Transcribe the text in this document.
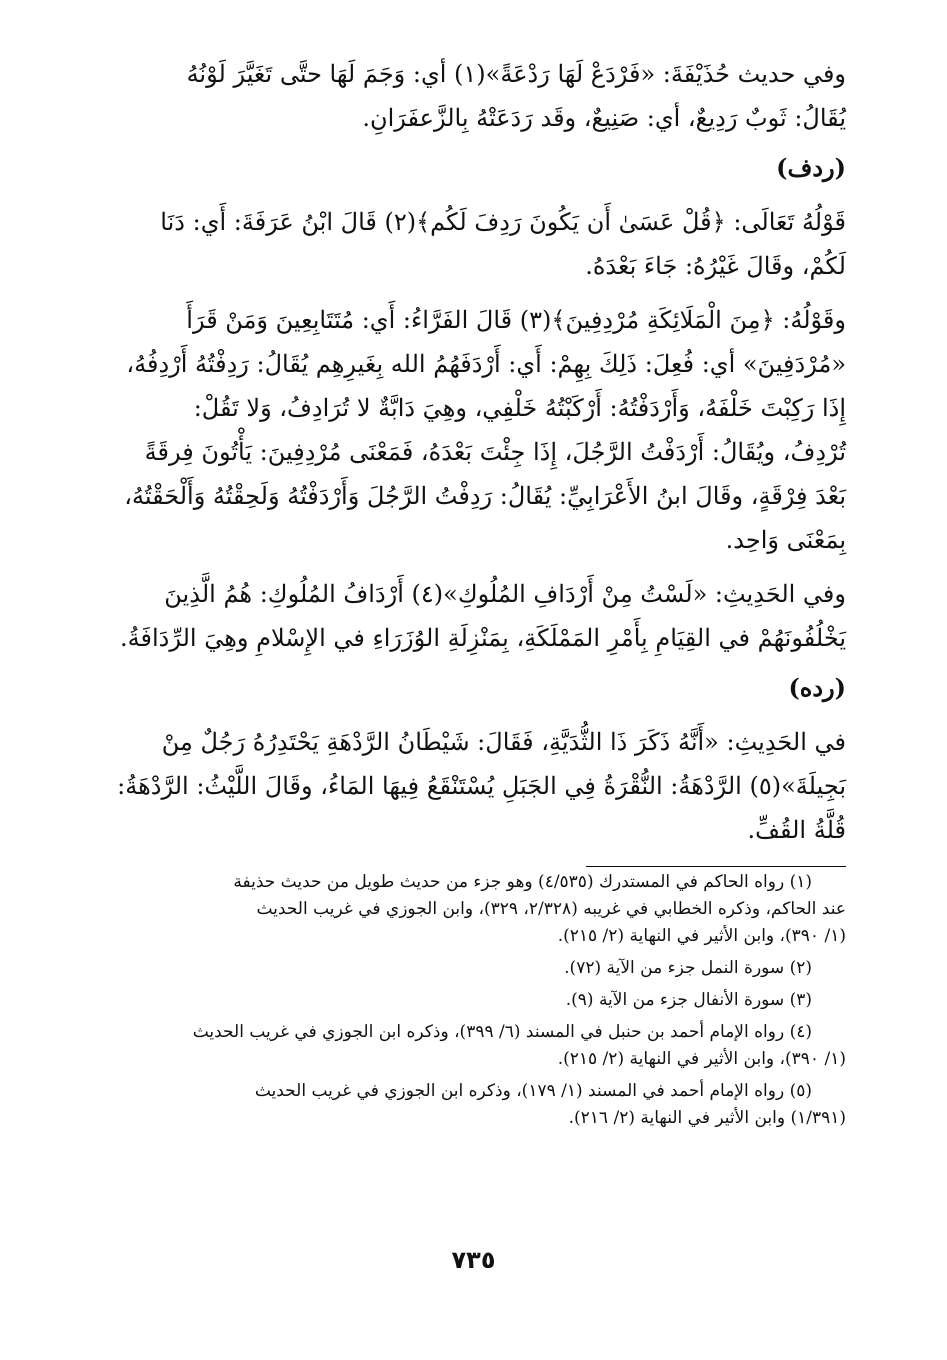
وفي حديث حُذَيْفَةَ: «فَرْدَعْ لَهَا رَدْعَةً»(١) أي: وَجَمَ لَهَا حتَّى تَغَيَّرَ لَوْنُهُ

يُقَالُ: ثَوبٌ رَدِيعٌ، أي: صَنِيعٌ، وقَد رَدَعَتْهُ بِالزَّعفَرَانِ.

(ردف)

قَوْلُهُ تَعَالَى: ﴿قُلْ عَسَىٰ أَن يَكُونَ رَدِفَ لَكُم﴾(٢) قَالَ ابْنُ عَرَفَةَ: أَي: دَنَا

لَكُمْ، وقَالَ غَيْرُهُ: جَاءَ بَعْدَهُ.

وقَوْلُهُ: ﴿مِنَ الْمَلَائِكَةِ مُرْدِفِينَ﴾(٣) قَالَ الفَرَّاءُ: أَي: مُتَتَابِعِينَ وَمَنْ قَرَأَ

«مُرْدَفِينَ» أي: فُعِلَ: ذَلِكَ بِهِمْ: أَي: أَرْدَفَهُمُ الله بِغَيرِهِم يُقَالُ: رَدِفْتُهُ أَرْدِفُهُ،

إِذَا رَكِبْتَ خَلْفَهُ، وَأَرْدَفْتُهُ: أَرْكَبْتُهُ خَلْفِي، وهِيَ دَابَّةٌ لا تُرَادِفُ، وَلا تَقُلْ:

تُرْدِفُ، ويُقَالُ: أَرْدَفْتُ الرَّجُلَ، إِذَا جِئْتَ بَعْدَهُ، فَمَعْنَى مُرْدِفِينَ: يَأْتُونَ فِرقَةً

بَعْدَ فِرْقَةٍ، وقَالَ ابنُ الأَعْرَابِيِّ: يُقَالُ: رَدِفْتُ الرَّجُلَ وَأَرْدَفْتُهُ وَلَحِقْتُهُ وَأَلْحَقْتُهُ،

بِمَعْنَى وَاحِد.

وفي الحَدِيثِ: «لَسْتُ مِنْ أَرْدَافِ المُلُوكِ»(٤) أَرْدَافُ المُلُوكِ: هُمُ الَّذِينَ

يَخْلُفُونَهُمْ في القِيَامِ بِأَمْرِ المَمْلَكَةِ، بِمَنْزِلَةِ الوُزَرَاءِ في الإِسْلامِ وهِيَ الرِّدَافَةُ.

(رده)

في الحَدِيثِ: «أَنَّهُ ذَكَرَ ذَا الثُّدَيَّةِ، فَقَالَ: شَيْطَانُ الرَّدْهَةِ يَحْتَدِرُهُ رَجُلٌ مِنْ

بَجِيلَةَ»(٥) الرَّدْهَةُ: النُّقْرَةُ فِي الجَبَلِ يُسْتَنْقَعُ فِيهَا المَاءُ، وقَالَ اللَّيْثُ: الرَّدْهَةُ:

قُلَّةُ القُفِّ.

(١) رواه الحاكم في المستدرك (٤/٥٣٥) وهو جزء من حديث طويل من حديث حذيفة

عند الحاكم، وذكره الخطابي في غريبه (٢/٣٢٨، ٣٢٩)، وابن الجوزي في غريب الحديث

(١/ ٣٩٠)، وابن الأثير في النهاية (٢/ ٢١٥).

(٢) سورة النمل جزء من الآية (٧٢).

(٣) سورة الأنفال جزء من الآية (٩).

(٤) رواه الإمام أحمد بن حنبل في المسند (٦/ ٣٩٩)، وذكره ابن الجوزي في غريب الحديث

(١/ ٣٩٠)، وابن الأثير في النهاية (٢/ ٢١٥).

(٥) رواه الإمام أحمد في المسند (١/ ١٧٩)، وذكره ابن الجوزي في غريب الحديث

(١/٣٩١) وابن الأثير في النهاية (٢/ ٢١٦).

٧٣٥
